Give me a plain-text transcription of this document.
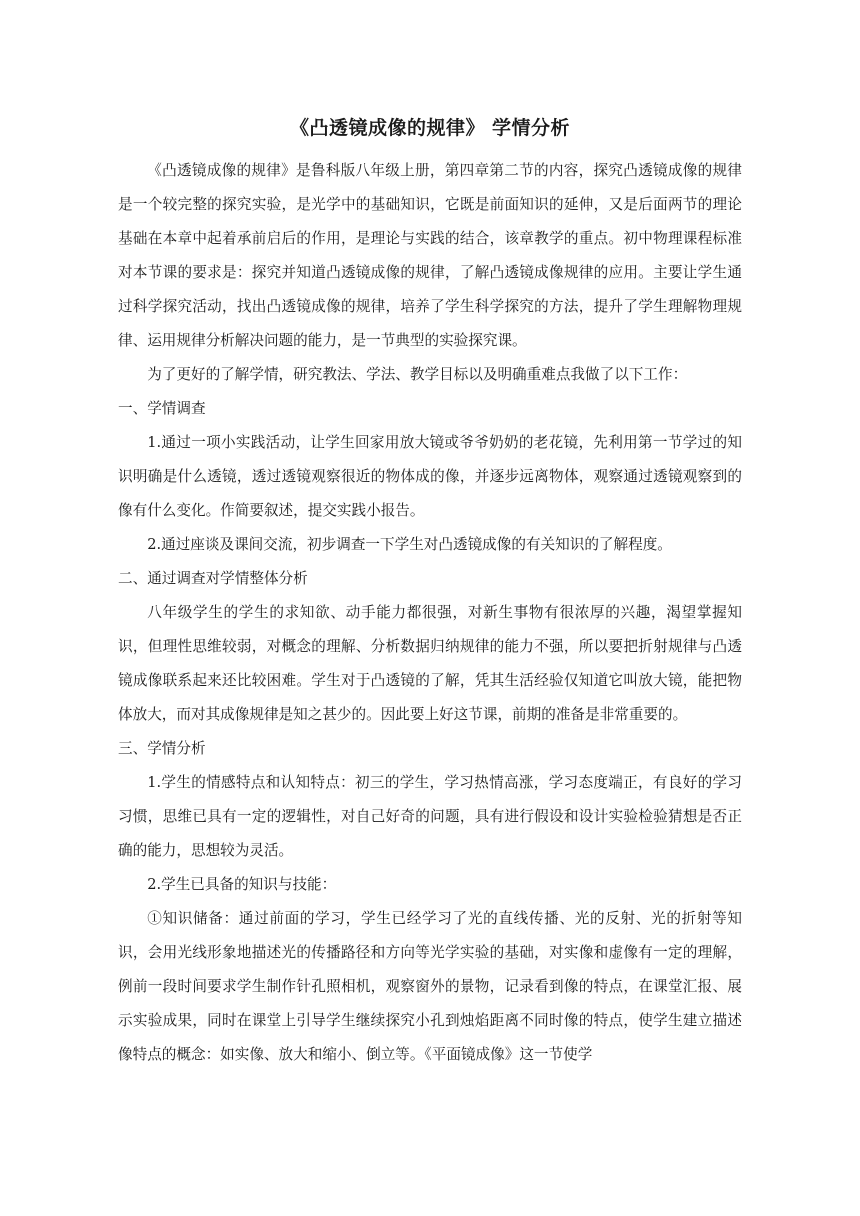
《凸透镜成像的规律》 学情分析

《凸透镜成像的规律》是鲁科版八年级上册，第四章第二节的内容，探究凸透镜成像的规律是一个较完整的探究实验，是光学中的基础知识，它既是前面知识的延伸，又是后面两节的理论基础在本章中起着承前启后的作用，是理论与实践的结合，该章教学的重点。初中物理课程标准对本节课的要求是：探究并知道凸透镜成像的规律，了解凸透镜成像规律的应用。主要让学生通过科学探究活动，找出凸透镜成像的规律，培养了学生科学探究的方法，提升了学生理解物理规律、运用规律分析解决问题的能力，是一节典型的实验探究课。

为了更好的了解学情，研究教法、学法、教学目标以及明确重难点我做了以下工作：

一、学情调查

1.通过一项小实践活动，让学生回家用放大镜或爷爷奶奶的老花镜，先利用第一节学过的知识明确是什么透镜，透过透镜观察很近的物体成的像，并逐步远离物体，观察通过透镜观察到的像有什么变化。作简要叙述，提交实践小报告。

2.通过座谈及课间交流，初步调查一下学生对凸透镜成像的有关知识的了解程度。

二、通过调查对学情整体分析

八年级学生的学生的求知欲、动手能力都很强，对新生事物有很浓厚的兴趣，渴望掌握知识，但理性思维较弱，对概念的理解、分析数据归纳规律的能力不强，所以要把折射规律与凸透镜成像联系起来还比较困难。学生对于凸透镜的了解，凭其生活经验仅知道它叫放大镜，能把物体放大，而对其成像规律是知之甚少的。因此要上好这节课，前期的准备是非常重要的。

三、学情分析

1.学生的情感特点和认知特点：初三的学生，学习热情高涨，学习态度端正，有良好的学习习惯，思维已具有一定的逻辑性，对自己好奇的问题，具有进行假设和设计实验检验猜想是否正确的能力，思想较为灵活。

2.学生已具备的知识与技能：

①知识储备：通过前面的学习，学生已经学习了光的直线传播、光的反射、光的折射等知识，会用光线形象地描述光的传播路径和方向等光学实验的基础，对实像和虚像有一定的理解，例前一段时间要求学生制作针孔照相机，观察窗外的景物，记录看到像的特点，在课堂汇报、展示实验成果，同时在课堂上引导学生继续探究小孔到烛焰距离不同时像的特点，使学生建立描述像特点的概念：如实像、放大和缩小、倒立等。《平面镜成像》这一节使学
